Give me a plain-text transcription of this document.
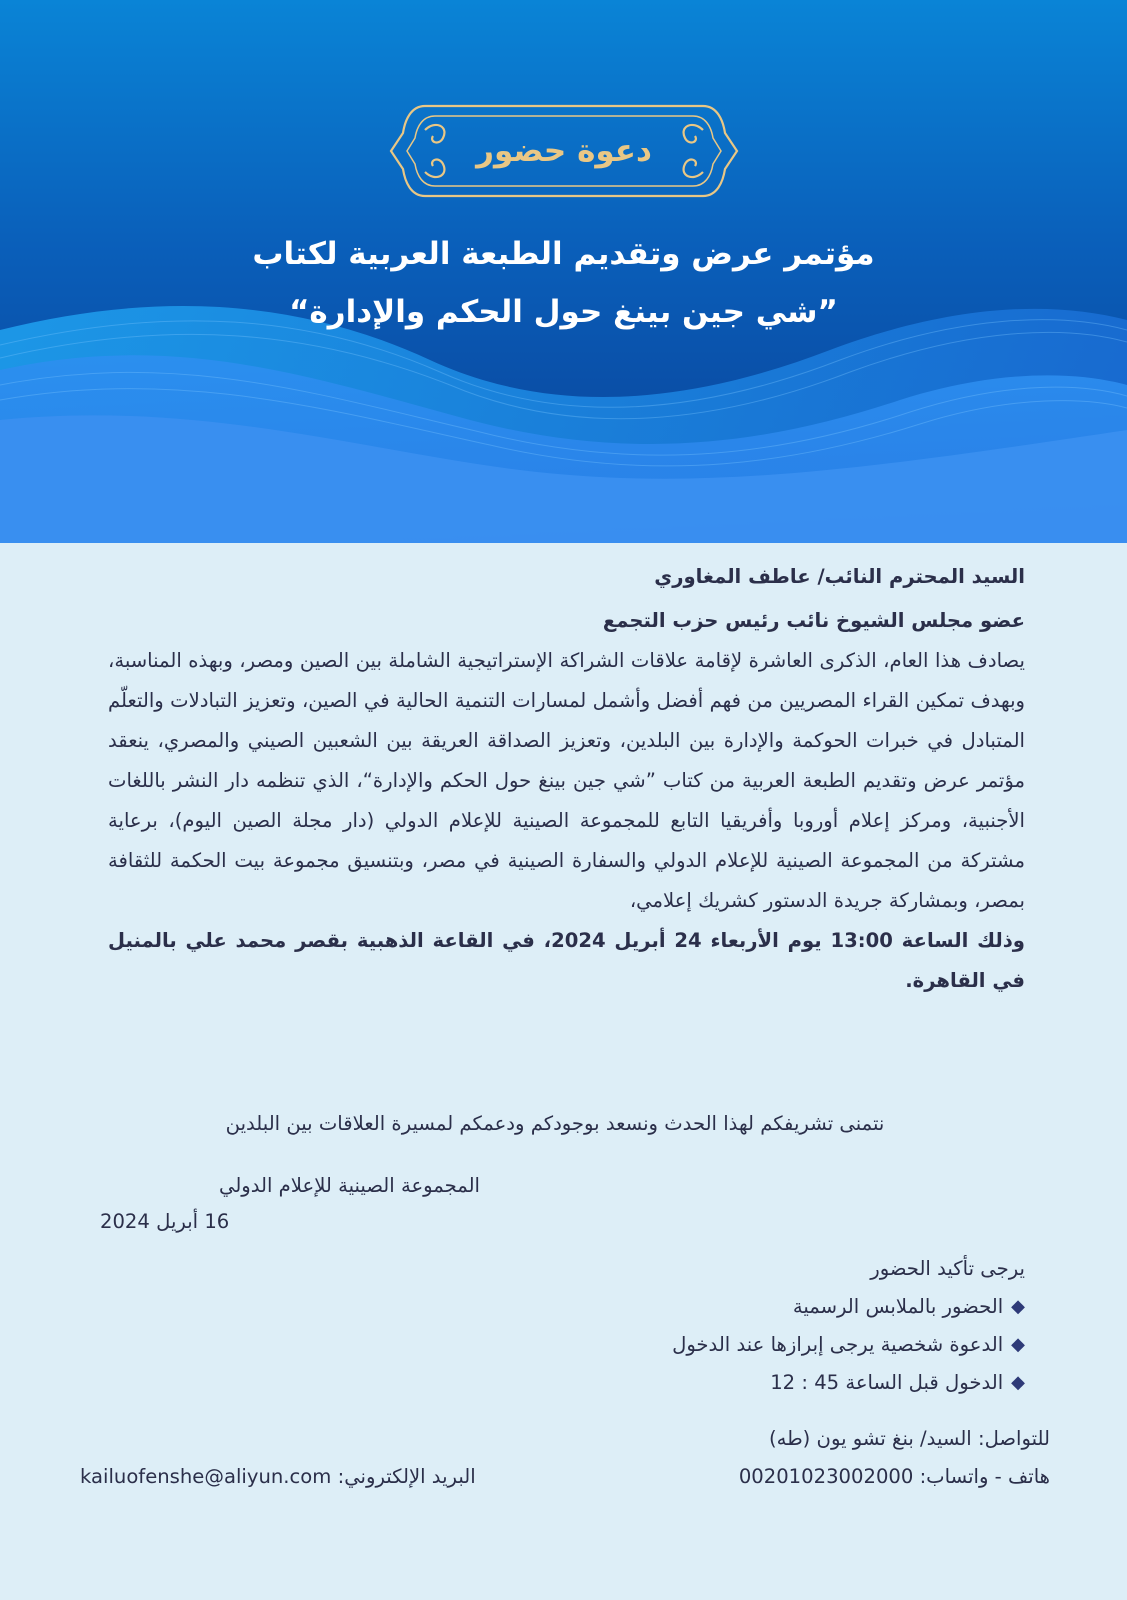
دعوة حضور
مؤتمر عرض وتقديم الطبعة العربية لكتاب
”شي جين بينغ حول الحكم والإدارة“

السيد المحترم النائب/ عاطف المغاوري

عضو مجلس الشيوخ نائب رئيس حزب التجمع

يصادف هذا العام، الذكرى العاشرة لإقامة علاقات الشراكة الإستراتيجية الشاملة بين الصين ومصر، وبهذه المناسبة، وبهدف تمكين القراء المصريين من فهم أفضل وأشمل لمسارات التنمية الحالية في الصين، وتعزيز التبادلات والتعلّم المتبادل في خبرات الحوكمة والإدارة بين البلدين، وتعزيز الصداقة العريقة بين الشعبين الصيني والمصري، ينعقد مؤتمر عرض وتقديم الطبعة العربية من كتاب ”شي جين بينغ حول الحكم والإدارة“، الذي تنظمه دار النشر باللغات الأجنبية، ومركز إعلام أوروبا وأفريقيا التابع للمجموعة الصينية للإعلام الدولي (دار مجلة الصين اليوم)، برعاية مشتركة من المجموعة الصينية للإعلام الدولي والسفارة الصينية في مصر، وبتنسيق مجموعة بيت الحكمة للثقافة بمصر، وبمشاركة جريدة الدستور كشريك إعلامي،

وذلك الساعة 13:00 يوم الأربعاء 24 أبريل 2024، في القاعة الذهبية بقصر محمد علي بالمنيل في القاهرة.

نتمنى تشريفكم لهذا الحدث ونسعد بوجودكم ودعمكم لمسيرة العلاقات بين البلدين
المجموعة الصينية للإعلام الدولي
16 أبريل 2024
يرجى تأكيد الحضور
◆
الحضور بالملابس الرسمية
◆
الدعوة شخصية يرجى إبرازها عند الدخول
◆
الدخول قبل الساعة 45 : 12
للتواصل: السيد/ بنغ تشو يون (طه)
هاتف - واتساب: 00201023002000
البريد الإلكتروني: kailuofenshe@aliyun.com
